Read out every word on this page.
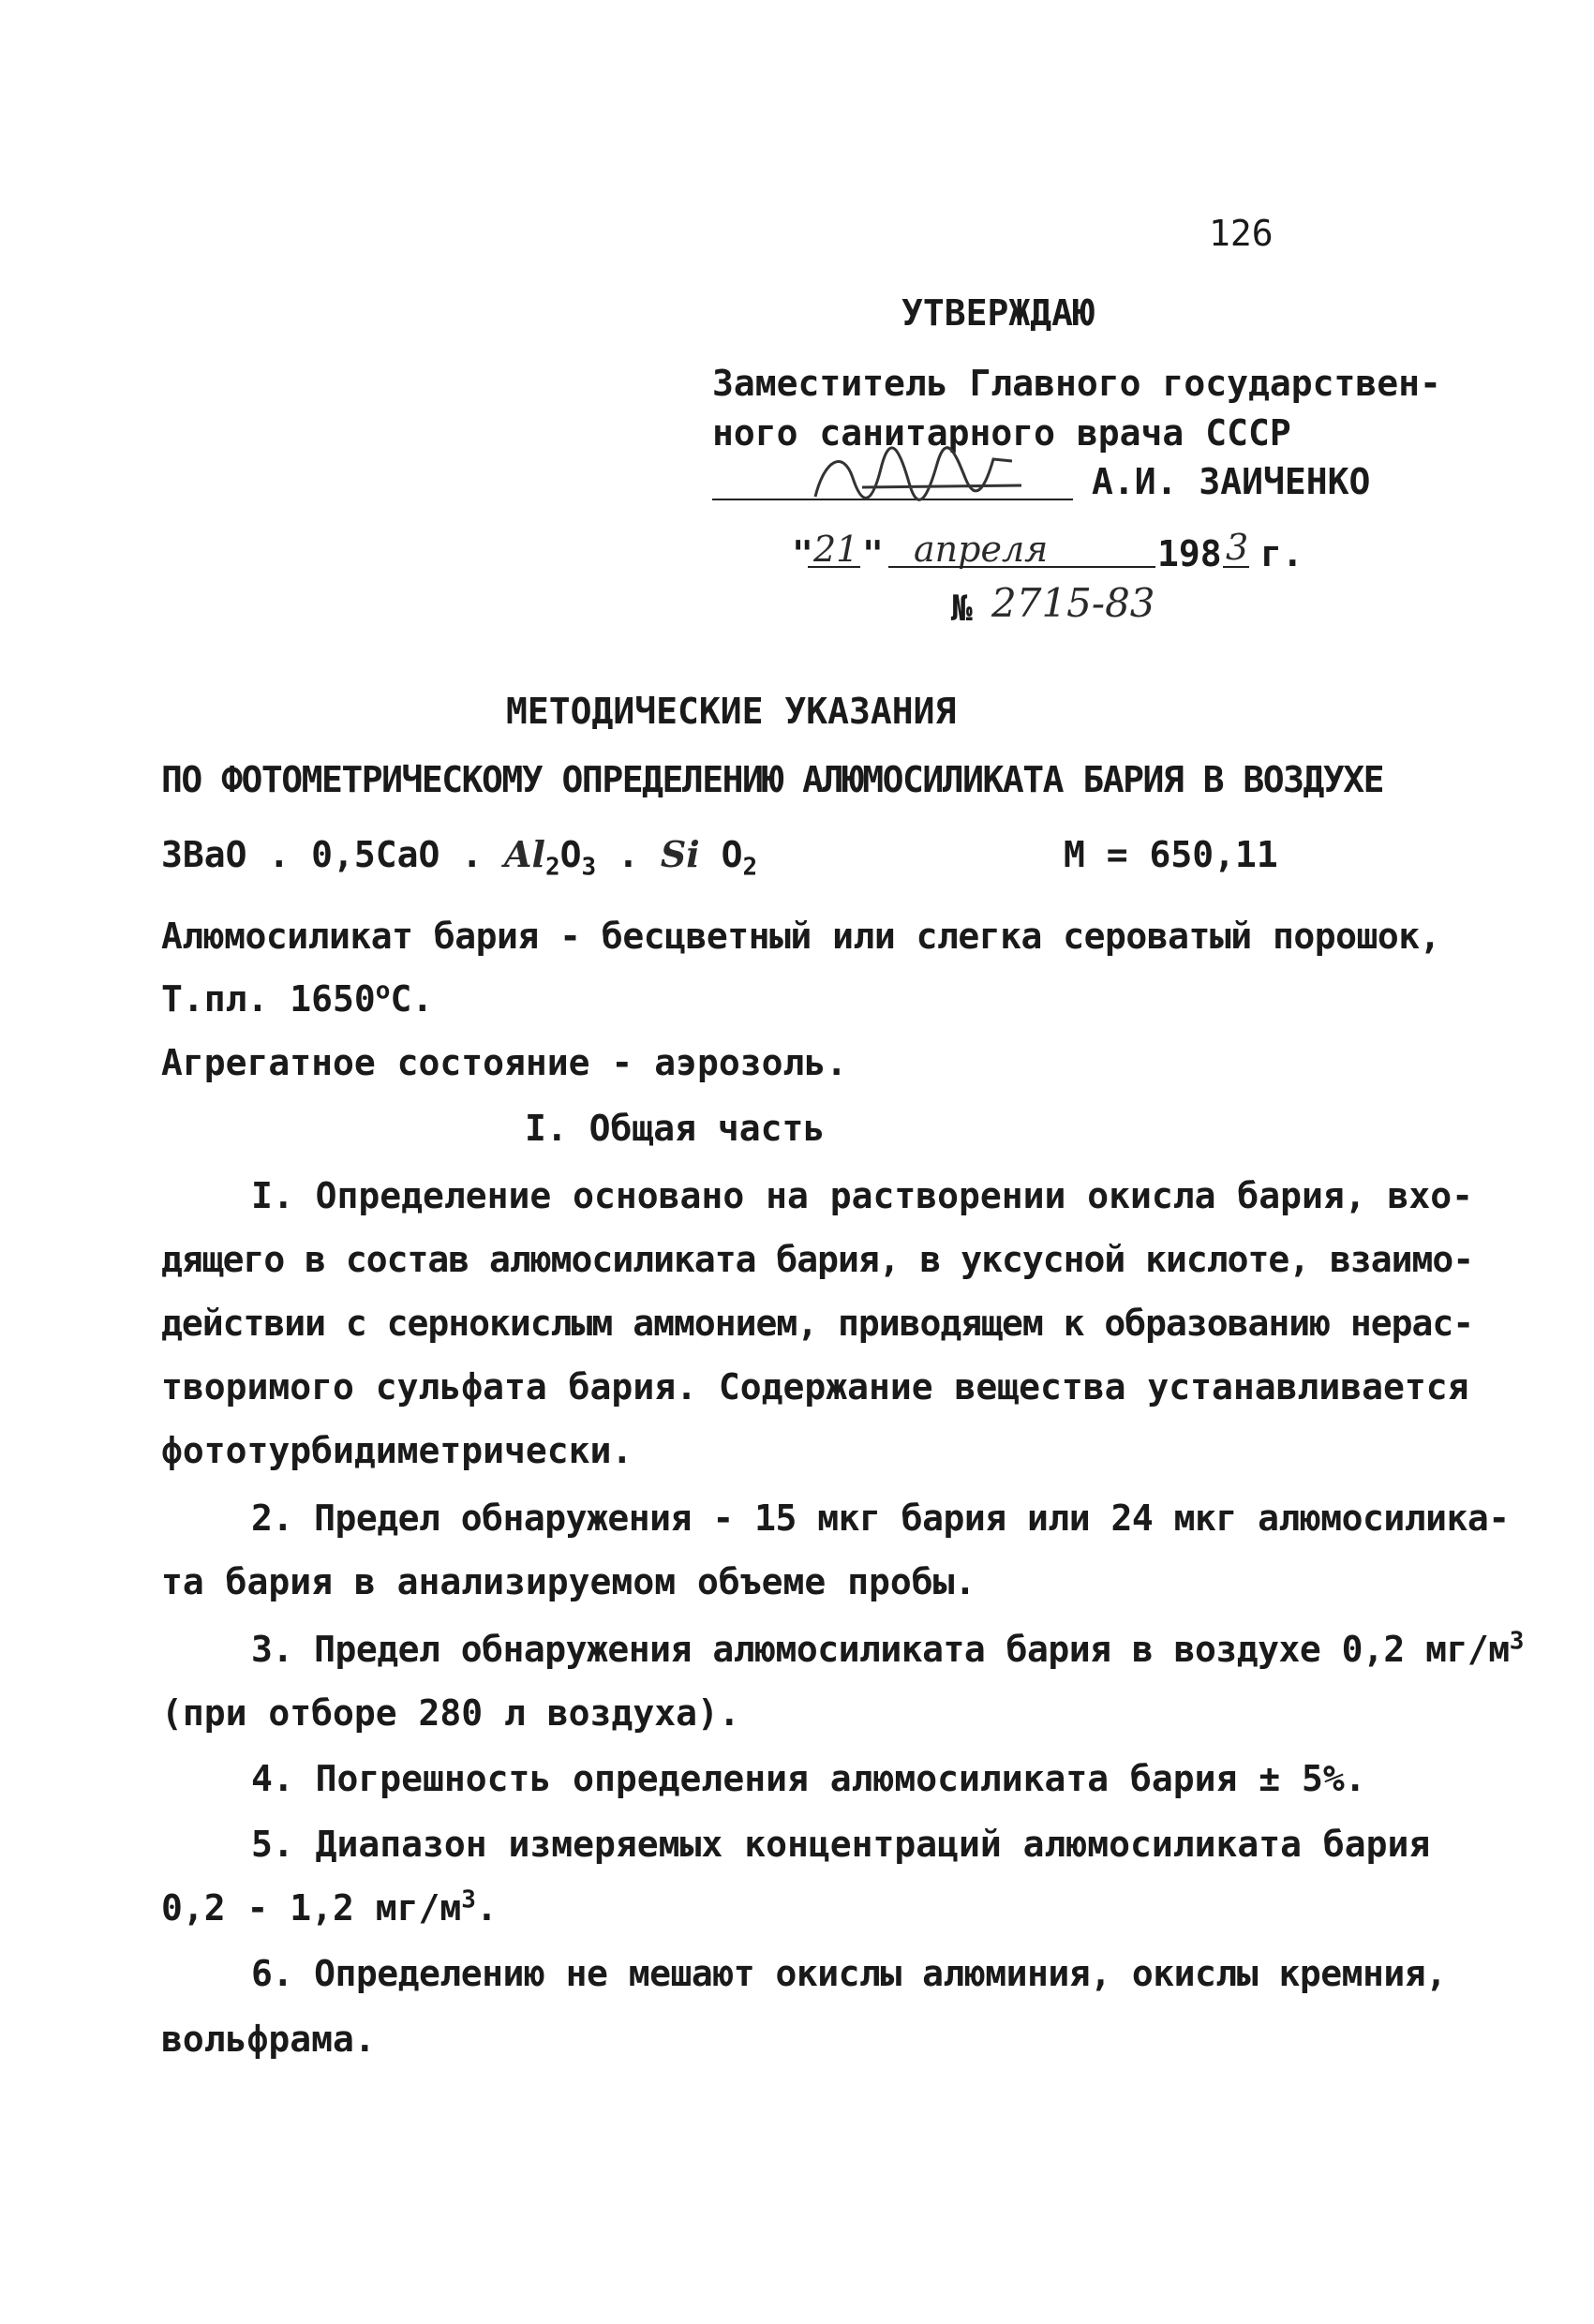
126
УТВЕРЖДАЮ
Заместитель Главного государствен-
ного санитарного врача СССР
А.И. ЗАИЧЕНКО
" 21 " апреля	198 3 г.
№ 2715-83
МЕТОДИЧЕСКИЕ УКАЗАНИЯ
ПО ФОТОМЕТРИЧЕСКОМУ ОПРЕДЕЛЕНИЮ АЛЮМОСИЛИКАТА БАРИЯ В ВОЗДУХЕ
3BaO . 0,5CaO . $Al_2O_3$ . Si $O_2$	M = 650,11
Алюмосиликат бария - бесцветный или слегка сероватый порошок,
Т.пл. 1650$^o$С.
Агрегатное состояние - аэрозоль.
I. Общая часть
I. Определение основано на растворении окисла бария, вхо-
дящего в состав алюмосиликата бария, в уксусной кислоте, взаимо-
действии с сернокислым аммонием, приводящем к образованию нерас-
творимого сульфата бария. Содержание вещества устанавливается
фототурбидиметрически.
2. Предел обнаружения - 15 мкг бария или 24 мкг алюмосилика-
та бария в анализируемом объеме пробы.
3. Предел обнаружения алюмосиликата бария в воздухе 0,2 $мг/м^3$
(при отборе 280 л воздуха).
4. Погрешность определения алюмосиликата бария ± 5%.
5. Диапазон измеряемых концентраций алюмосиликата бария
0,2 - 1,2 $мг/м^3$.
6. Определению не мешают окислы алюминия, окислы кремния,
вольфрама.
